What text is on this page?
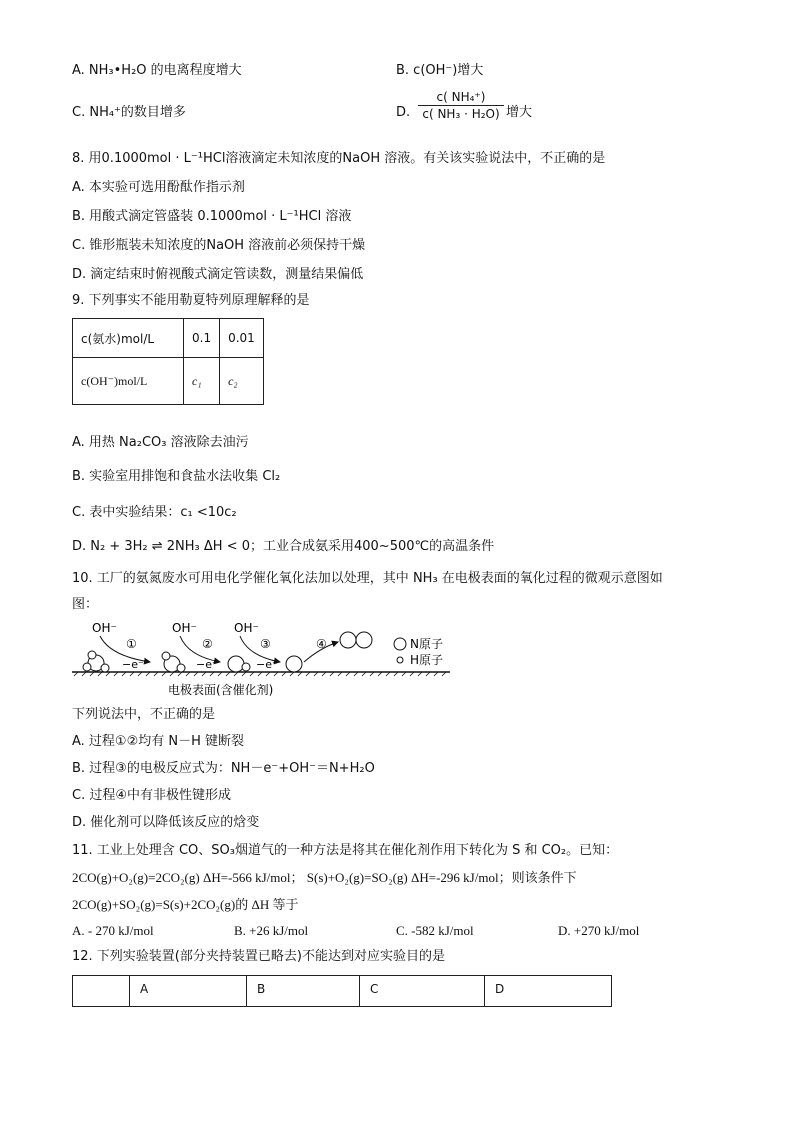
A. NH₃•H₂O 的电离程度增大	B. c(OH⁻)增大
C. NH₄⁺的数目增多	D. $\frac{\text{c( NH₄⁺)}}{\text{c( NH₃ · H₂O)}}$ 增大
8. 用0.1000mol · L⁻¹HCl溶液滴定未知浓度的NaOH 溶液。有关该实验说法中，不正确的是
A. 本实验可选用酚酞作指示剂
B. 用酸式滴定管盛装 0.1000mol · L⁻¹HCl 溶液
C. 锥形瓶装未知浓度的NaOH 溶液前必须保持干燥
D. 滴定结束时俯视酸式滴定管读数，测量结果偏低
9. 下列事实不能用勒夏特列原理解释的是
c(氨水)mol/L	0.1	0.01
c(OH⁻)mol/L	c₁	c₂
A. 用热 Na₂CO₃ 溶液除去油污
B. 实验室用排饱和食盐水法收集 Cl₂
C. 表中实验结果：c₁ <10c₂
D. N₂ + 3H₂ ⇌ 2NH₃ ΔH < 0；工业合成氨采用400~500℃的高温条件
10. 工厂的氨氮废水可用电化学催化氧化法加以处理，其中 NH₃ 在电极表面的氧化过程的微观示意图如
图：
OH⁻	OH⁻	OH⁻
①	②	③	④
−e⁻	−e⁻	−e⁻
N原子
H原子
电极表面(含催化剂)
下列说法中，不正确的是
A. 过程①②均有 N－H 键断裂
B. 过程③的电极反应式为：NH－e⁻+OH⁻＝N+H₂O
C. 过程④中有非极性键形成
D. 催化剂可以降低该反应的焓变
11. 工业上处理含 CO、SO₃烟道气的一种方法是将其在催化剂作用下转化为 S 和 CO₂。已知：
2CO(g)+O₂(g)=2CO₂(g) ΔH=-566 kJ/mol； S(s)+O₂(g)=SO₂(g) ΔH=-296 kJ/mol；则该条件下
2CO(g)+SO₂(g)=S(s)+2CO₂(g)的 ΔH 等于
A. - 270 kJ/mol	B. +26 kJ/mol	C. -582 kJ/mol	D. +270 kJ/mol
12. 下列实验装置(部分夹持装置已略去)不能达到对应实验目的是
	A	B	C	D
